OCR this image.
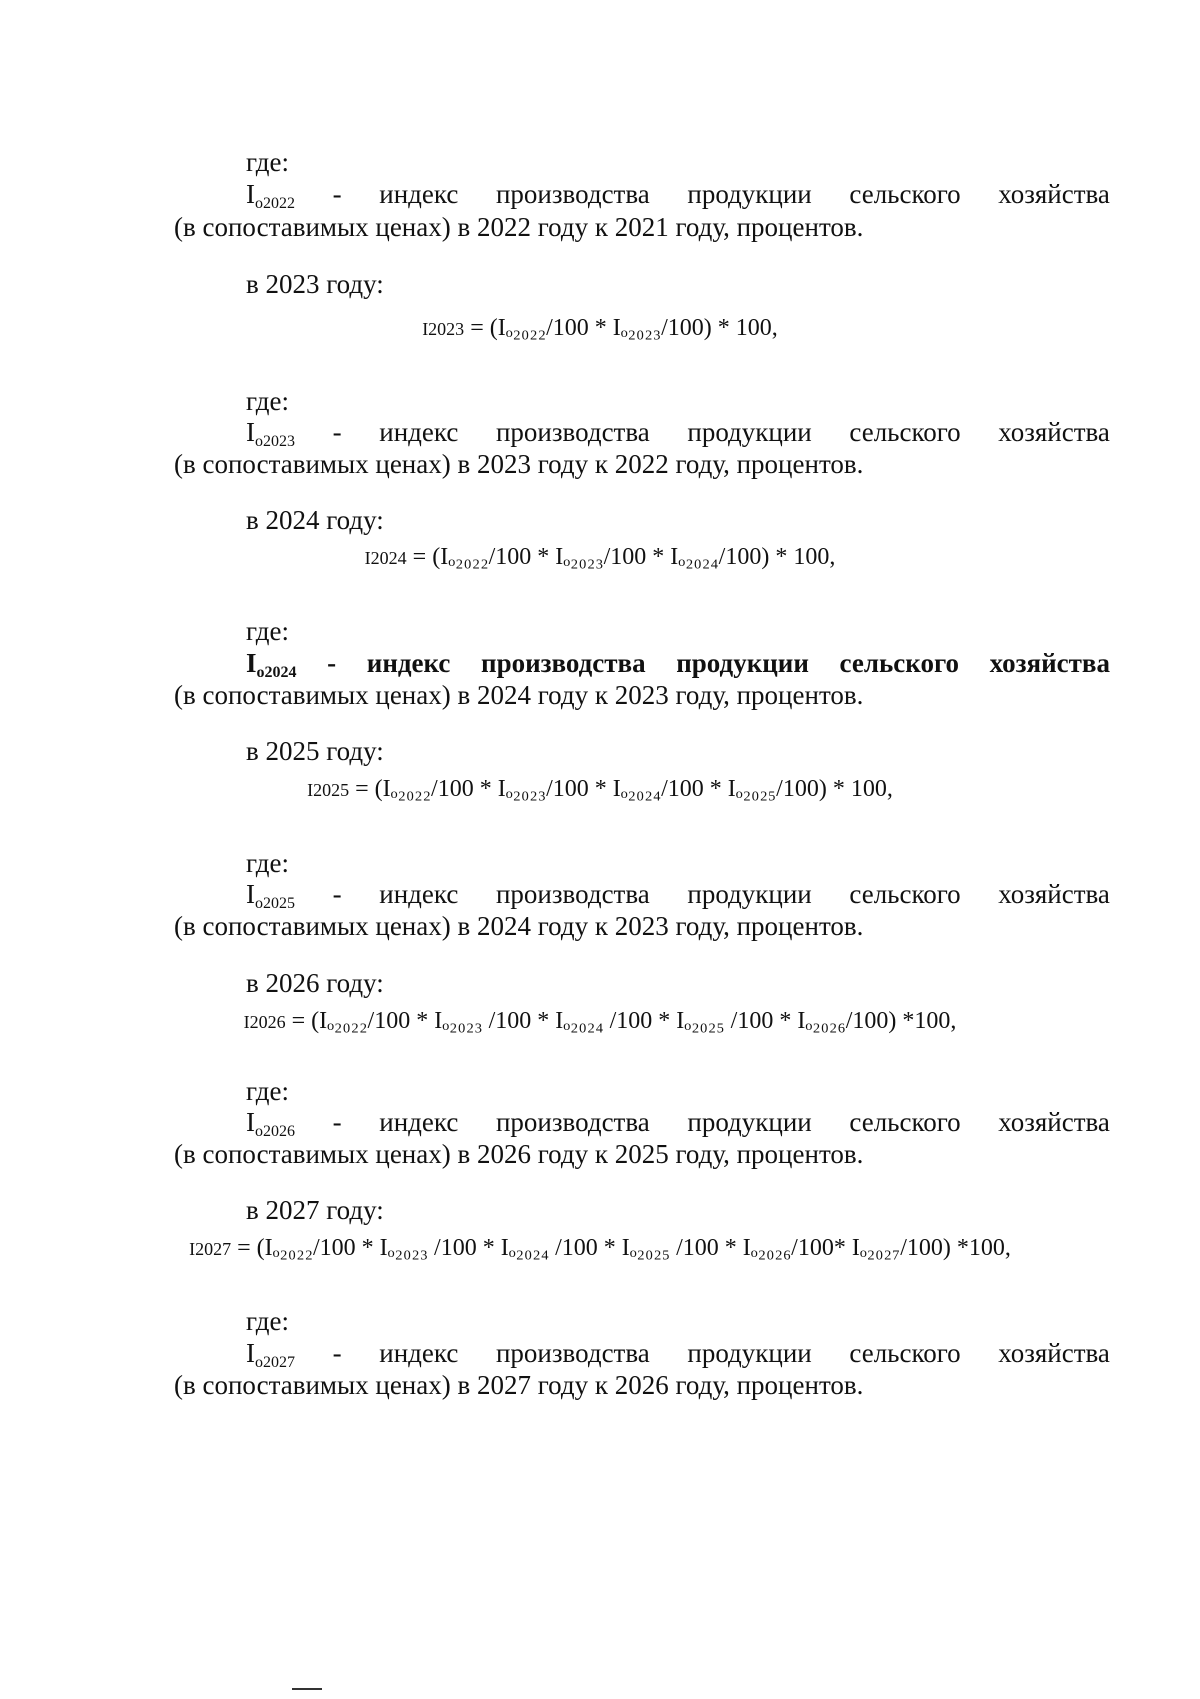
где:
$I_{o2022}$ - индекс производства продукции сельского хозяйства
(в сопоставимых ценах) в 2022 году к 2021 году, процентов.
в 2023 году:
I2023 = (Iₒ₂₀₂₂/100 * Iₒ₂₀₂₃/100) * 100,
где:
$I_{o2023}$ - индекс производства продукции сельского хозяйства
(в сопоставимых ценах) в 2023 году к 2022 году, процентов.
в 2024 году:
I2024 = (Iₒ₂₀₂₂/100 * Iₒ₂₀₂₃/100 * Iₒ₂₀₂₄/100) * 100,
где:
$I_{o2024}$ - индекс производства продукции сельского хозяйства
(в сопоставимых ценах) в 2024 году к 2023 году, процентов.
в 2025 году:
I2025 = (Iₒ₂₀₂₂/100 * Iₒ₂₀₂₃/100 * Iₒ₂₀₂₄/100 * Iₒ₂₀₂₅/100) * 100,
где:
$I_{o2025}$ - индекс производства продукции сельского хозяйства
(в сопоставимых ценах) в 2024 году к 2023 году, процентов.
в 2026 году:
I2026 = (Iₒ₂₀₂₂/100 * Iₒ₂₀₂₃ /100 * Iₒ₂₀₂₄ /100 * Iₒ₂₀₂₅ /100 * Iₒ₂₀₂₆/100) *100,
где:
$I_{o2026}$ - индекс производства продукции сельского хозяйства
(в сопоставимых ценах) в 2026 году к 2025 году, процентов.
в 2027 году:
I2027 = (Iₒ₂₀₂₂/100 * Iₒ₂₀₂₃ /100 * Iₒ₂₀₂₄ /100 * Iₒ₂₀₂₅ /100 * Iₒ₂₀₂₆/100* Iₒ₂₀₂₇/100) *100,
где:
$I_{o2027}$ - индекс производства продукции сельского хозяйства
(в сопоставимых ценах) в 2027 году к 2026 году, процентов.
